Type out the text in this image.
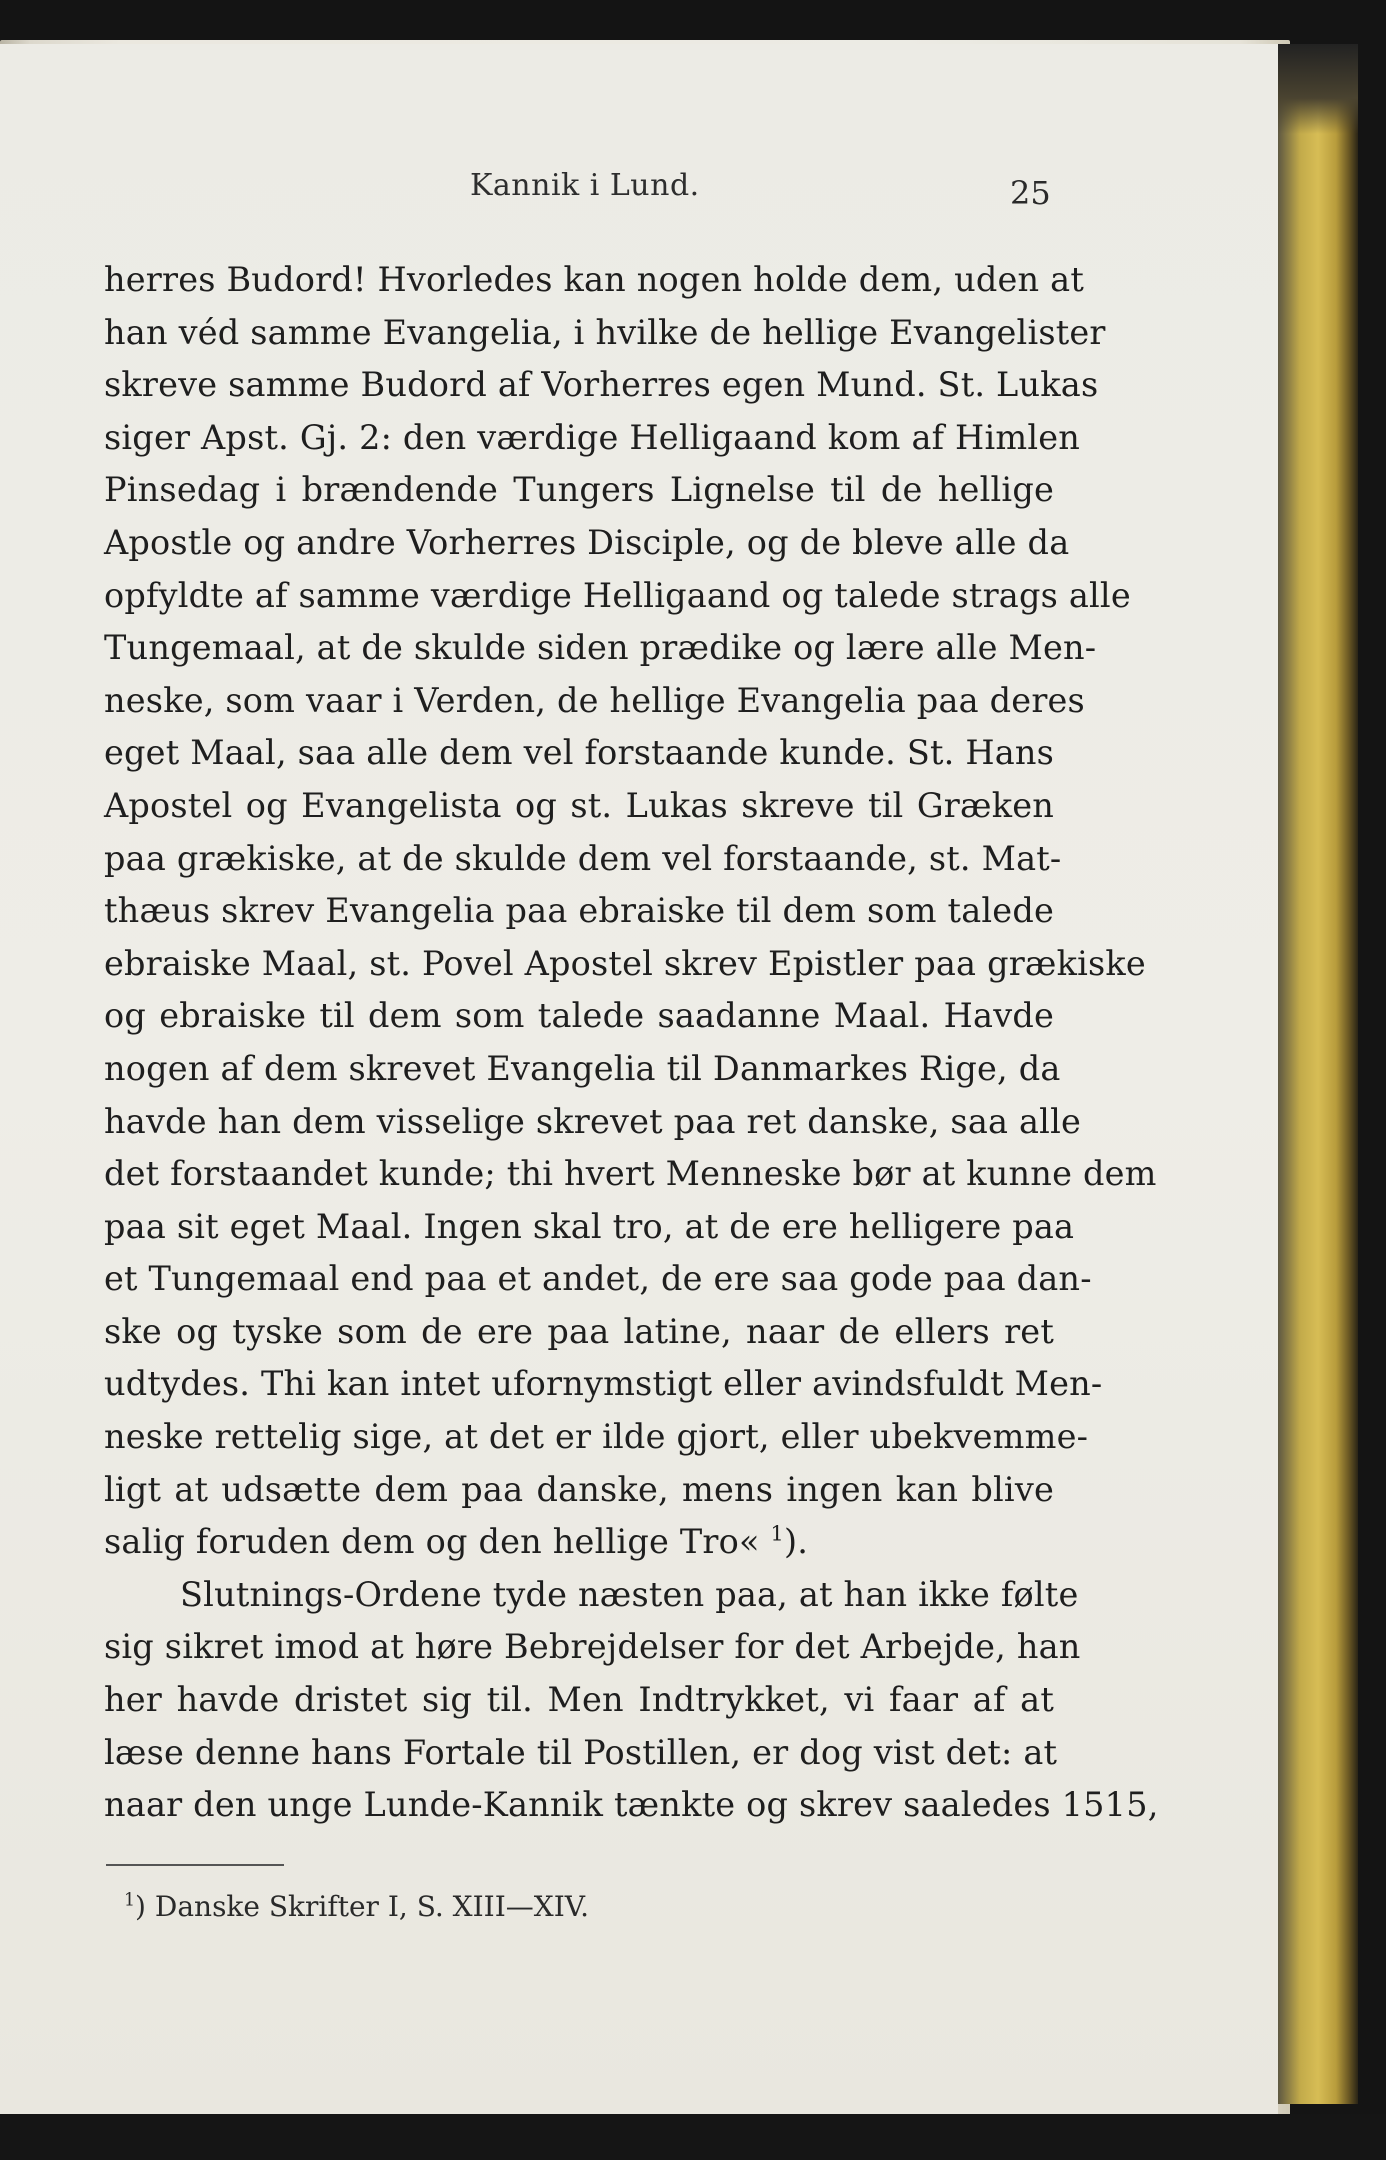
Kannik i Lund.	25
herres Budord! Hvorledes kan nogen holde dem, uden at
han véd samme Evangelia, i hvilke de hellige Evangelister
skreve samme Budord af Vorherres egen Mund. St. Lukas
siger Apst. Gj. 2: den værdige Helligaand kom af Himlen
Pinsedag i brændende Tungers Lignelse til de hellige
Apostle og andre Vorherres Disciple, og de bleve alle da
opfyldte af samme værdige Helligaand og talede strags alle
Tungemaal, at de skulde siden prædike og lære alle Men-
neske, som vaar i Verden, de hellige Evangelia paa deres
eget Maal, saa alle dem vel forstaande kunde. St. Hans
Apostel og Evangelista og st. Lukas skreve til Græken
paa grækiske, at de skulde dem vel forstaande, st. Mat-
thæus skrev Evangelia paa ebraiske til dem som talede
ebraiske Maal, st. Povel Apostel skrev Epistler paa grækiske
og ebraiske til dem som talede saadanne Maal. Havde
nogen af dem skrevet Evangelia til Danmarkes Rige, da
havde han dem visselige skrevet paa ret danske, saa alle
det forstaandet kunde; thi hvert Menneske bør at kunne dem
paa sit eget Maal. Ingen skal tro, at de ere helligere paa
et Tungemaal end paa et andet, de ere saa gode paa dan-
ske og tyske som de ere paa latine, naar de ellers ret
udtydes. Thi kan intet ufornymstigt eller avindsfuldt Men-
neske rettelig sige, at det er ilde gjort, eller ubekvemme-
ligt at udsætte dem paa danske, mens ingen kan blive
salig foruden dem og den hellige Tro« $^1$).
Slutnings-Ordene tyde næsten paa, at han ikke følte
sig sikret imod at høre Bebrejdelser for det Arbejde, han
her havde dristet sig til. Men Indtrykket, vi faar af at
læse denne hans Fortale til Postillen, er dog vist det: at
naar den unge Lunde-Kannik tænkte og skrev saaledes 1515,
$^1$) Danske Skrifter I, S. XIII—XIV.
